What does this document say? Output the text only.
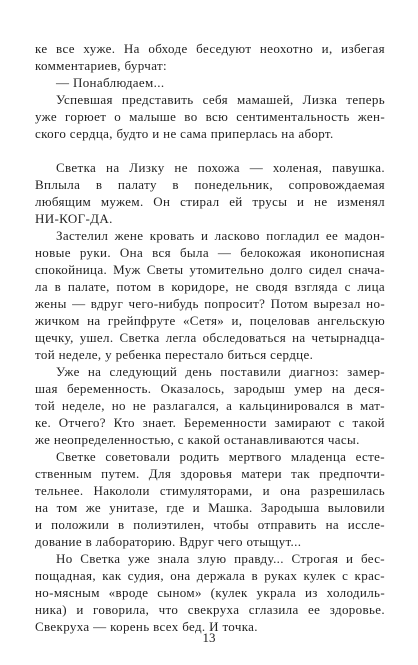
ке все хуже. На обходе беседуют неохотно и, избегая
комментариев, бурчат:
— Понаблюдаем...
Успевшая представить себя мамашей, Лизка теперь
уже горюет о малыше во всю сентиментальность жен-
ского сердца, будто и не сама приперлась на аборт.
Светка на Лизку не похожа — холеная, павушка.
Вплыла в палату в понедельник, сопровождаемая
любящим мужем. Он стирал ей трусы и не изменял
НИ-КОГ-ДА.
Застелил жене кровать и ласково погладил ее мадон-
новые руки. Она вся была — белокожая иконописная
спокойница. Муж Светы утомительно долго сидел снача-
ла в палате, потом в коридоре, не сводя взгляда с лица
жены — вдруг чего-нибудь попросит? Потом вырезал но-
жичком на грейпфруте «Сетя» и, поцеловав ангельскую
щечку, ушел. Светка легла обследоваться на четырнадца-
той неделе, у ребенка перестало биться сердце.
Уже на следующий день поставили диагноз: замер-
шая беременность. Оказалось, зародыш умер на деся-
той неделе, но не разлагался, а кальцинировался в мат-
ке. Отчего? Кто знает. Беременности замирают с такой
же неопределенностью, с какой останавливаются часы.
Светке советовали родить мертвого младенца есте-
ственным путем. Для здоровья матери так предпочти-
тельнее. Накололи стимуляторами, и она разрешилась
на том же унитазе, где и Машка. Зародыша выловили
и положили в полиэтилен, чтобы отправить на иссле-
дование в лабораторию. Вдруг чего отыщут...
Но Светка уже знала злую правду... Строгая и бес-
пощадная, как судия, она держала в руках кулек с крас-
но-мясным «вроде сыном» (кулек украла из холодиль-
ника) и говорила, что свекруха сглазила ее здоровье.
Свекруха — корень всех бед. И точка.
13
